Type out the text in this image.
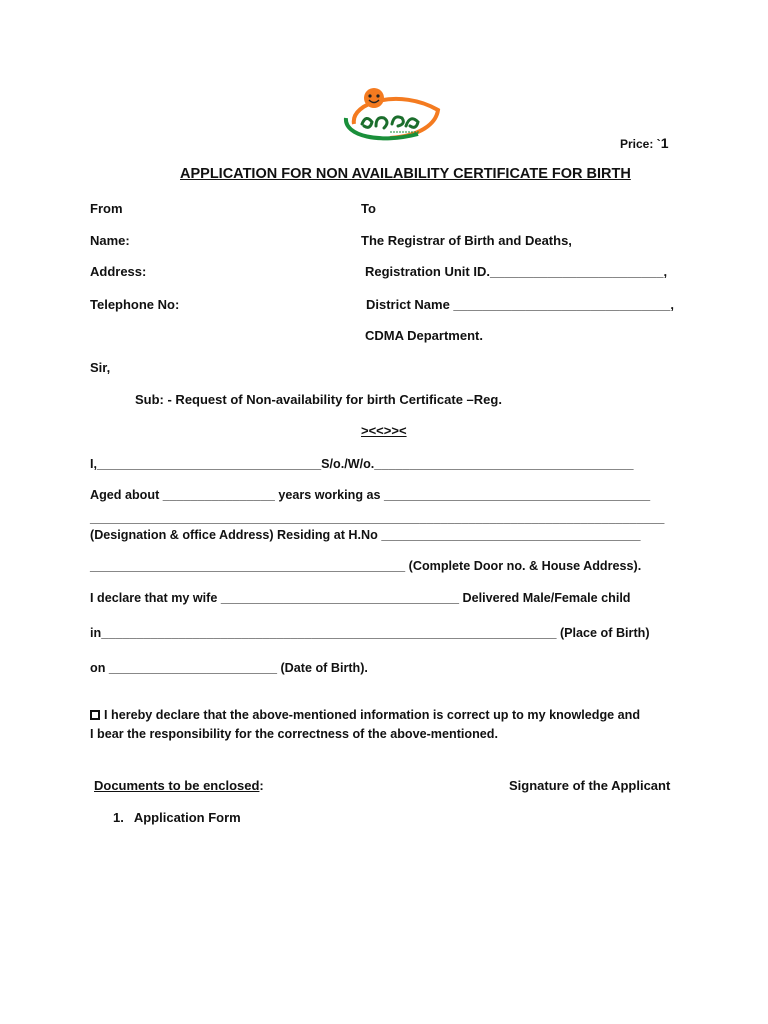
Price: `1
APPLICATION FOR NON AVAILABILITY CERTIFICATE FOR BIRTH
From
Name:
Address:
Telephone No:
To
The Registrar of Birth and Deaths,
Registration Unit ID.________________________,
District Name ______________________________,
CDMA Department.
Sir,
Sub: - Request of Non-availability for birth Certificate –Reg.
><<>><
I,________________________________S/o./W/o._____________________________________
Aged about ________________ years working as ______________________________________
__________________________________________________________________________________
(Designation & office Address) Residing at H.No _____________________________________
_____________________________________________ (Complete Door no. & House Address).
I declare that my wife __________________________________ Delivered Male/Female child
in_________________________________________________________________ (Place of Birth)
on ________________________ (Date of Birth).
I hereby declare that the above-mentioned information is correct up to my knowledge and
I bear the responsibility for the correctness of the above-mentioned.
Documents to be enclosed:	Signature of the Applicant
1. Application Form
